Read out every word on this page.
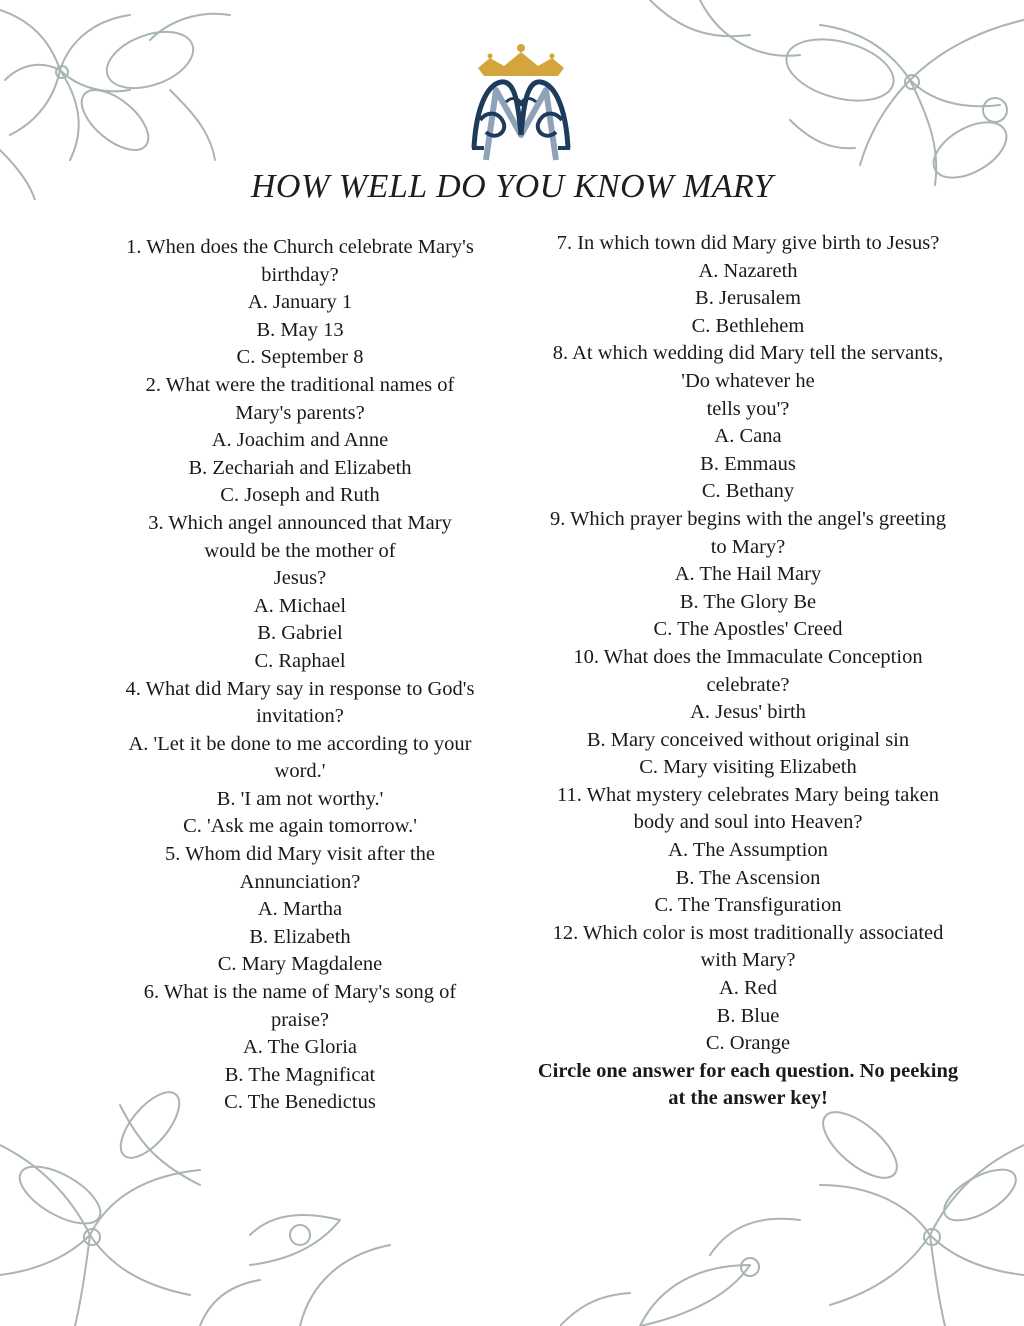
HOW WELL DO YOU KNOW MARY
1. When does the Church celebrate Mary's
birthday?
A. January 1
B. May 13
C. September 8
2. What were the traditional names of
Mary's parents?
A. Joachim and Anne
B. Zechariah and Elizabeth
C. Joseph and Ruth
3. Which angel announced that Mary
would be the mother of
Jesus?
A. Michael
B. Gabriel
C. Raphael
4. What did Mary say in response to God's
invitation?
A. 'Let it be done to me according to your
word.'
B. 'I am not worthy.'
C. 'Ask me again tomorrow.'
5. Whom did Mary visit after the
Annunciation?
A. Martha
B. Elizabeth
C. Mary Magdalene
6. What is the name of Mary's song of
praise?
A. The Gloria
B. The Magnificat
C. The Benedictus
7. In which town did Mary give birth to Jesus?
A. Nazareth
B. Jerusalem
C. Bethlehem
8. At which wedding did Mary tell the servants,
'Do whatever he
tells you'?
A. Cana
B. Emmaus
C. Bethany
9. Which prayer begins with the angel's greeting
to Mary?
A. The Hail Mary
B. The Glory Be
C. The Apostles' Creed
10. What does the Immaculate Conception
celebrate?
A. Jesus' birth
B. Mary conceived without original sin
C. Mary visiting Elizabeth
11. What mystery celebrates Mary being taken
body and soul into Heaven?
A. The Assumption
B. The Ascension
C. The Transfiguration
12. Which color is most traditionally associated
with Mary?
A. Red
B. Blue
C. Orange
Circle one answer for each question. No peeking
at the answer key!
